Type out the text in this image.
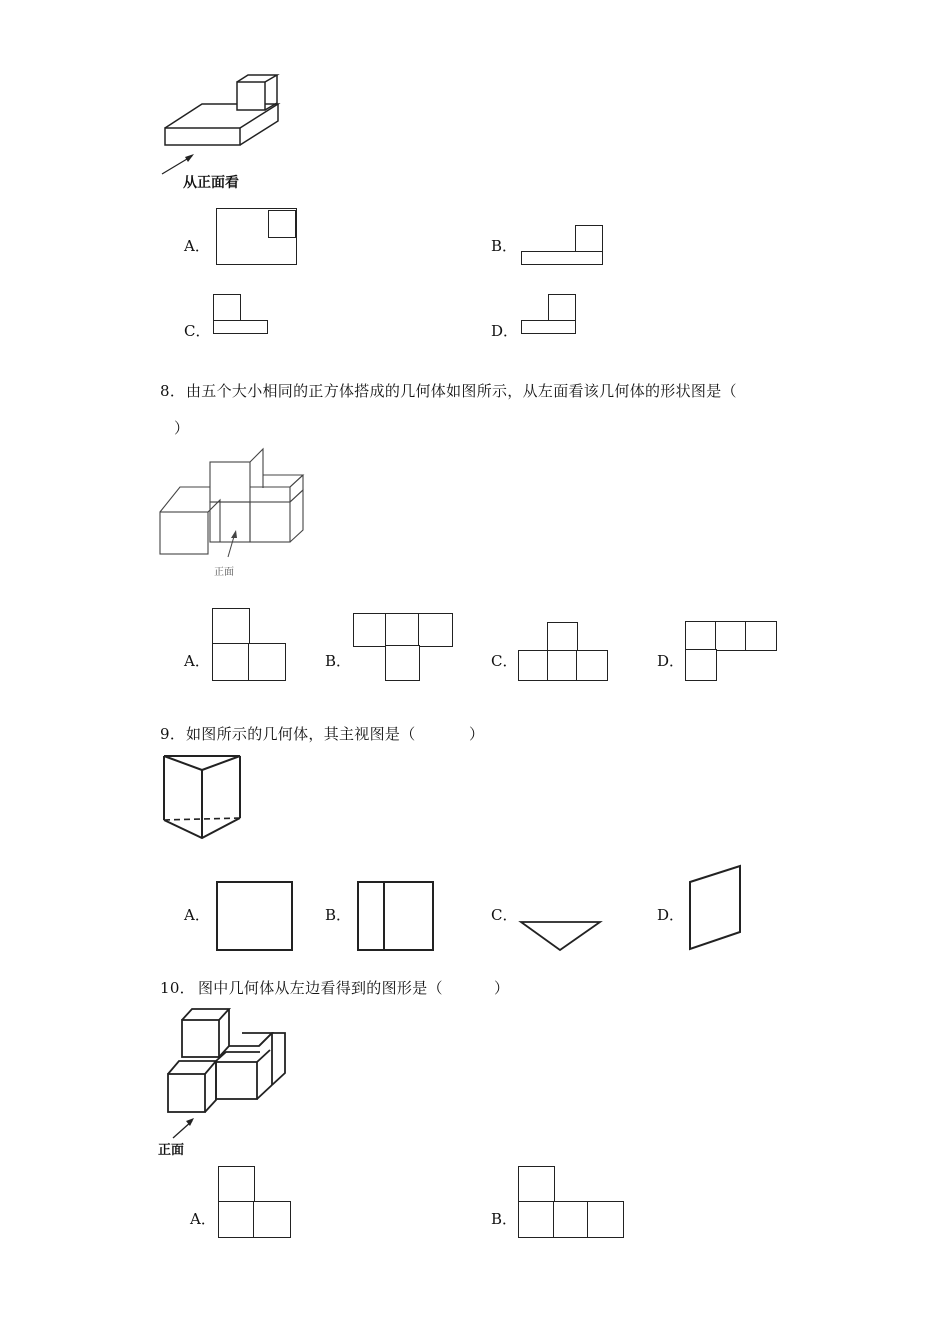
从正面看
A．	B．
C．	D．
8． 由五个大小相同的正方体搭成的几何体如图所示，从左面看该几何体的形状图是（
）
正面
A．	B．	C．	D．
9． 如图所示的几何体，其主视图是（	）
A．	B．	C．	D．
10． 图中几何体从左边看得到的图形是（	）
正面
A．	B．
